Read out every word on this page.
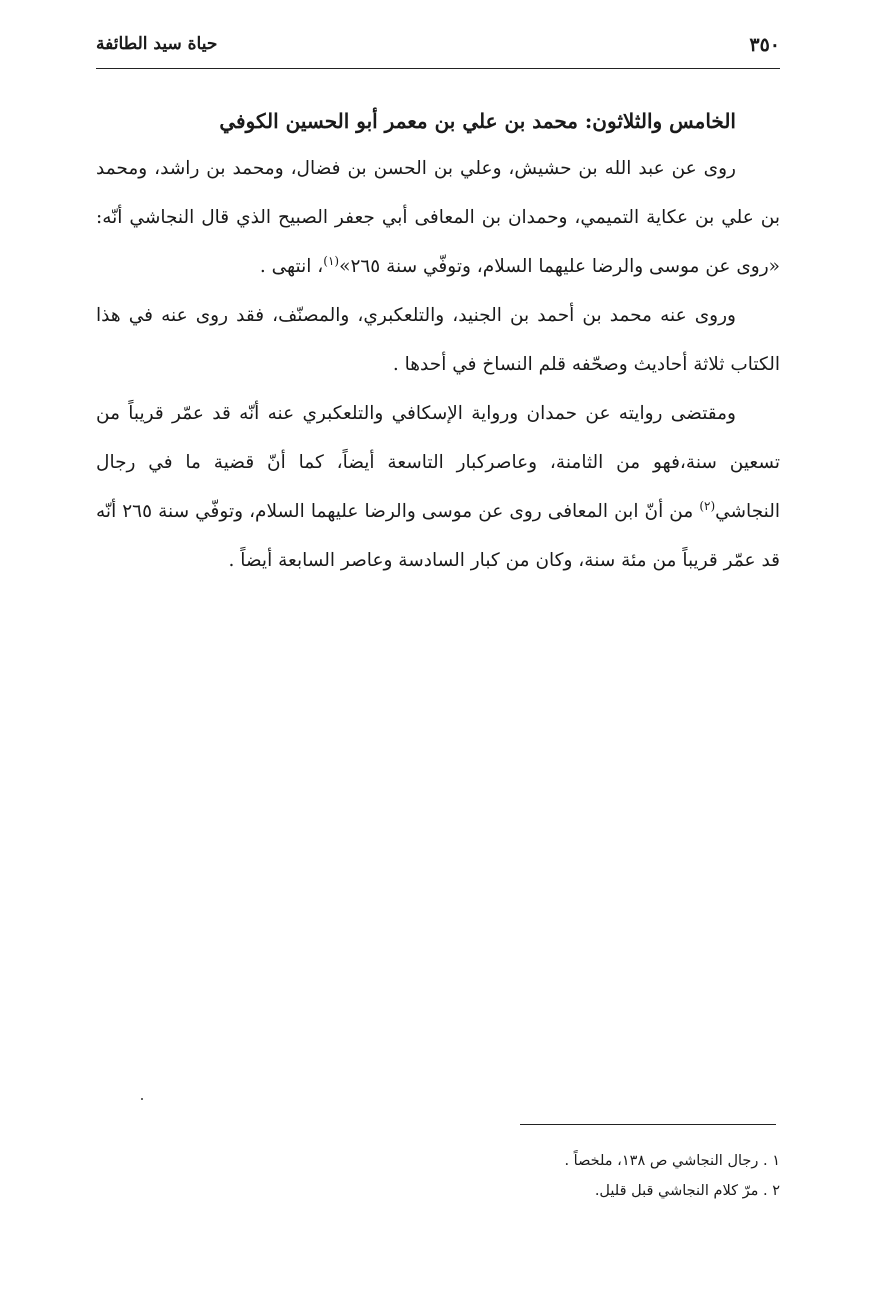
٣٥٠
حياة سيد الطائفة
الخامس والثلاثون: محمد بن علي بن معمر أبو الحسين الكوفي

روى عن عبد الله بن حشيش، وعلي بن الحسن بن فضال، ومحمد بن راشد، ومحمد بن علي بن عكاية التميمي، وحمدان بن المعافى أبي جعفر الصبيح الذي قال النجاشي أنّه: «روى عن موسى والرضا عليهما السلام، وتوفّي سنة ٢٦٥»$^{(١)}$، انتهى .

وروى عنه محمد بن أحمد بن الجنيد، والتلعكبري، والمصنّف، فقد روى عنه في هذا الكتاب ثلاثة أحاديث وصحّفه قلم النساخ في أحدها .

ومقتضى روايته عن حمدان ورواية الإسكافي والتلعكبري عنه أنّه قد عمّر قريباً من تسعين سنة،فهو من الثامنة، وعاصركبار التاسعة أيضاً، كما أنّ قضية ما في رجال النجاشي$^{(٢)}$ من أنّ ابن المعافى روى عن موسى والرضا عليهما السلام، وتوفّي سنة ٢٦٥ أنّه قد عمّر قريباً من مئة سنة، وكان من كبار السادسة وعاصر السابعة أيضاً .

١ . رجال النجاشي ص ١٣٨، ملخصاً .

٢ . مرّ كلام النجاشي قبل قليل.
